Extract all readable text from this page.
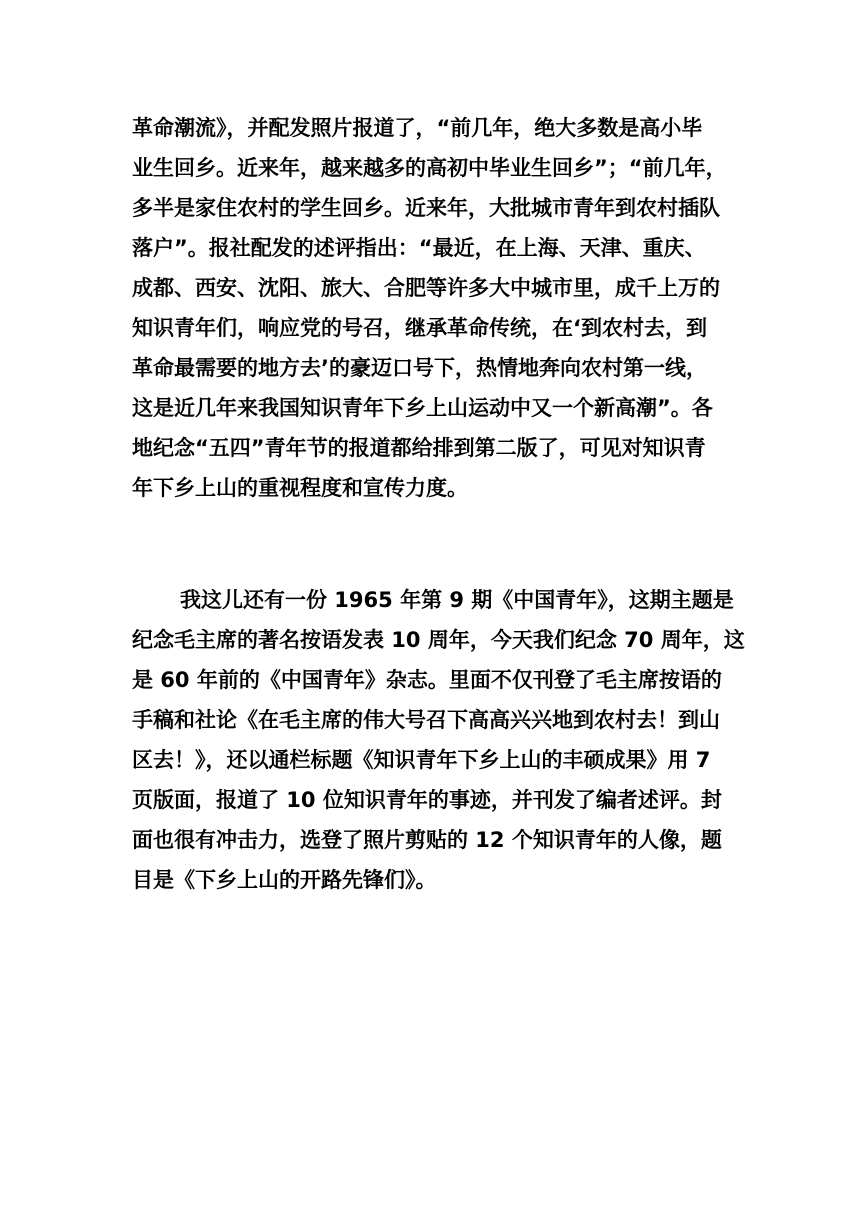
革命潮流》，并配发照片报道了，“前几年，绝大多数是高小毕
业生回乡。近来年，越来越多的高初中毕业生回乡”；“前几年，
多半是家住农村的学生回乡。近来年，大批城市青年到农村插队
落户”。报社配发的述评指出：“最近，在上海、天津、重庆、
成都、西安、沈阳、旅大、合肥等许多大中城市里，成千上万的
知识青年们，响应党的号召，继承革命传统，在‘到农村去，到
革命最需要的地方去’的豪迈口号下，热情地奔向农村第一线，
这是近几年来我国知识青年下乡上山运动中又一个新高潮”。各
地纪念“五四”青年节的报道都给排到第二版了，可见对知识青
年下乡上山的重视程度和宣传力度。
我这儿还有一份 1965 年第 9 期《中国青年》，这期主题是
纪念毛主席的著名按语发表 10 周年，今天我们纪念 70 周年，这
是 60 年前的《中国青年》杂志。里面不仅刊登了毛主席按语的
手稿和社论《在毛主席的伟大号召下高高兴兴地到农村去！到山
区去！》，还以通栏标题《知识青年下乡上山的丰硕成果》用 7
页版面，报道了 10 位知识青年的事迹，并刊发了编者述评。封
面也很有冲击力，选登了照片剪贴的 12 个知识青年的人像，题
目是《下乡上山的开路先锋们》。
